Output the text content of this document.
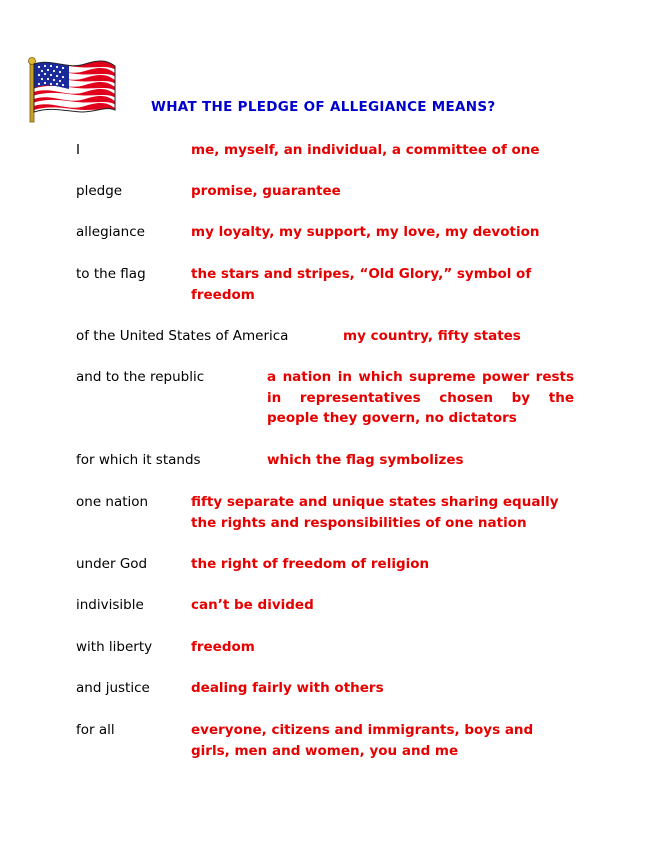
WHAT THE PLEDGE OF ALLEGIANCE MEANS?
I	me, myself, an individual, a committee of one
pledge	promise, guarantee
allegiance	my loyalty, my support, my love, my devotion
to the flag	the stars and stripes, “Old Glory,” symbol of freedom
of the United States of America	my country, fifty states
and to the republic	a nation in which supreme power rests in representatives chosen by the people they govern, no dictators
for which it stands	which the flag symbolizes
one nation	fifty separate and unique states sharing equally the rights and responsibilities of one nation
under God	the right of freedom of religion
indivisible	can’t be divided
with liberty	freedom
and justice	dealing fairly with others
for all	everyone, citizens and immigrants, boys and girls, men and women, you and me
